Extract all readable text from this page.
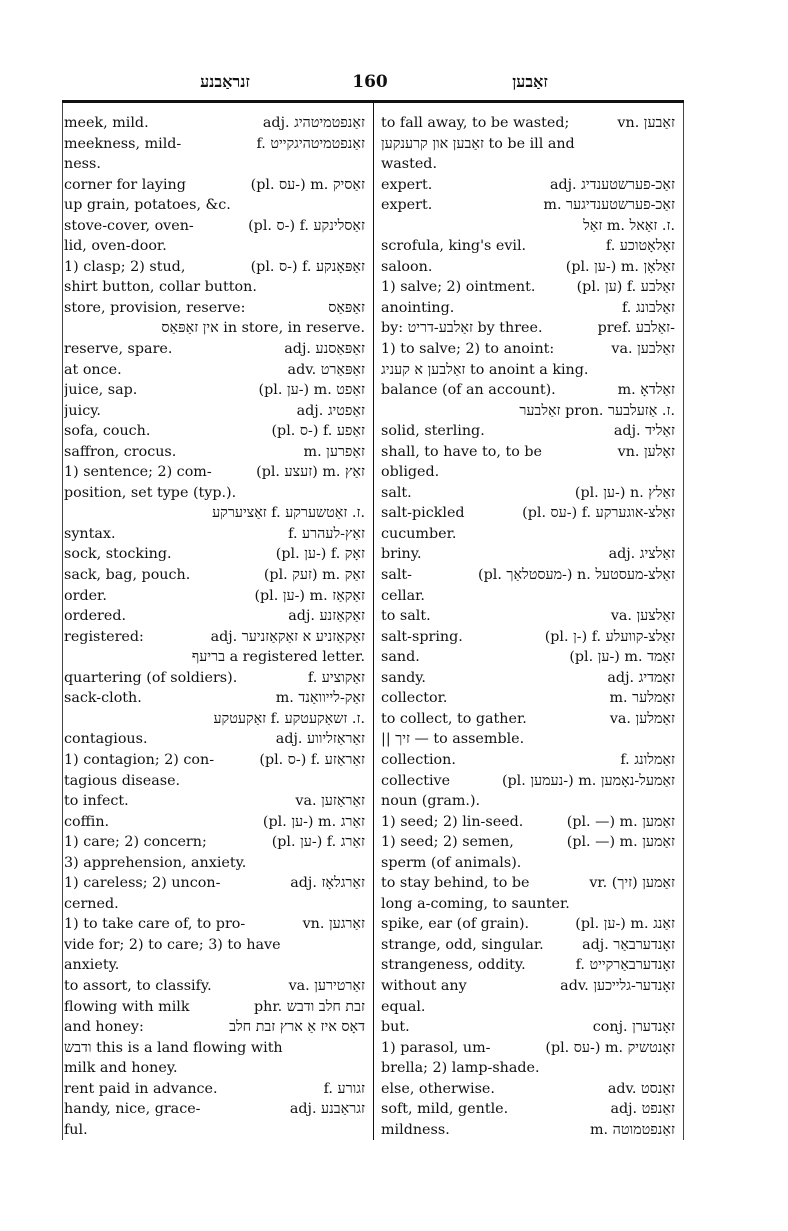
זנראַבנע	160	זאַבען
meek, mild.	adj. זאַנפטמיטהיג
meekness, mild-	f. זאַנפטמיטהיגקייט
ness.
corner for laying	(pl. עס-) m. זאַסיק
up grain, potatoes, &c.
stove-cover, oven-	(pl. ס-) f. זאַסלינקע
lid, oven-door.
1) clasp; 2) stud,	(pl. ס-) f. זאַפּאָנקע
shirt button, collar button.
store, provision, reserve:	זאַפּאַס
אין זאַפּאַס in store, in reserve.
reserve, spare.	adj. זאַפּאַסנע
at once.	adv. זאַפּאַרט
juice, sap.	(pl. ען-) m. זאַפט
juicy.	adj. זאַפטיג
sofa, couch.	(pl. ס-) f. זאַפע
saffron, crocus.	m. זאַפרען
1) sentence; 2) com-	(pl. זעצע) m. זאַץ
position, set type (typ.).
זאַציערקע f. ז. זאַטשערקע.
syntax.	f. זאַץ-לעהרע
sock, stocking.	(pl. ען-) f. זאָק
sack, bag, pouch.	(pl. זעק) m. זאַק
order.	(pl. ען-) m. זאַקאַז
ordered.	adj. זאַקאַזנע
registered:	adj. זאַקאַזניע א זאַקאַזניער
בריעף a registered letter.
quartering (of soldiers).	f. זאַקוציע
sack-cloth.	m. זאַק-לייוואַנד
זאַקעטקע f. ז. זשאַקעטקע.
contagious.	adj. זאַראַזליווע
1) contagion; 2) con-	(pl. ס-) f. זאַראַזע
tagious disease.
to infect.	va. זאַראַזען
coffin.	(pl. ען-) m. זאַרג
1) care; 2) concern;	(pl. ען-) f. זאַרג
3) apprehension, anxiety.
1) careless; 2) uncon-	adj. זאַרגלאָז
cerned.
1) to take care of, to pro-	vn. זאַרגען
vide for; 2) to care; 3) to have
anxiety.
to assort, to classify.	va. זאַרטירען
flowing with milk	phr. זבת חלב ודבש
and honey:	דאָס איז אַ ארץ זבת חלב
ודבש this is a land flowing with
milk and honey.
rent paid in advance.	f. זגורע
handy, nice, grace-	adj. זגראַבנע
ful.
to fall away, to be wasted;	vn. זאַבען
זאַבען און קרענקען to be ill and
wasted.
expert.	adj. זאַכ-פערשטענדיג
expert.	m. זאַכ-פערשטענדיגער
זאַל m. ז. זאַאל.
scrofula, king's evil.	f. זאָלאָטוכע
saloon.	(pl. ען-) m. זאַלאָן
1) salve; 2) ointment.	(pl. ען) f. זאַלבע
anointing.	f. זאַלבונג
by: זאַלבע-דריט by three.	pref. זאַלבע-
1) to salve; 2) to anoint:	va. זאַלבען
זאַלבען א קעניג to anoint a king.
balance (of an account).	m. זאַלדאָ
זאַלבער pron. ז. אַזעלבער.
solid, sterling.	adj. זאַליד
shall, to have to, to be	vn. זאָלען
obliged.
salt.	(pl. ען-) n. זאַלץ
salt-pickled	(pl. עס-) f. זאַלצ-אוגערקע
cucumber.
briny.	adj. זאַלציג
salt-	(pl. מעסטלאַך-) n. זאַלצ-מעסטעל
cellar.
to salt.	va. זאַלצען
salt-spring.	(pl. ן-) f. זאַלצ-קוועלע
sand.	(pl. ען-) m. זאַמד
sandy.	adj. זאַמדיג
collector.	m. זאַמלער
to collect, to gather.	va. זאַמלען
|| זיך — to assemble.
collection.	f. זאַמלונג
collective	(pl. נעמען-) m. זאַמעל-נאָמען
noun (gram.).
1) seed; 2) lin-seed.	(pl. —) m. זאַמען
1) seed; 2) semen,	(pl. —) m. זאַמען
sperm (of animals).
to stay behind, to be	vr. (זיך) זאַמען
long a-coming, to saunter.
spike, ear (of grain).	(pl. ען-) m. זאַנג
strange, odd, singular.	adj. זאָנדערבאַר
strangeness, oddity.	f. זאָנדערבאַרקייט
without any	adv. זאָנדער-גלייכען
equal.
but.	conj. זאָנדערן
1) parasol, um-	(pl. עס-) m. זאָנטשיק
brella; 2) lamp-shade.
else, otherwise.	adv. זאַנסט
soft, mild, gentle.	adj. זאַנפט
mildness.	m. זאַנפטמוטה
